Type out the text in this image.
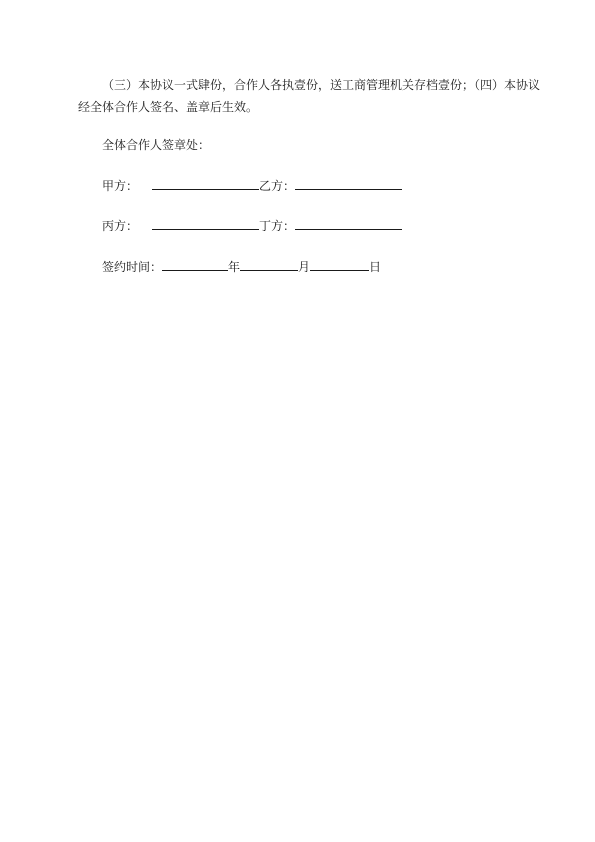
（三）本协议一式肆份，合作人各执壹份，送工商管理机关存档壹份；（四）本协议
经全体合作人签名、盖章后生效。

全体合作人签章处：
甲方：	乙方：
丙方：	丁方：
签约时间：	年	月	日
